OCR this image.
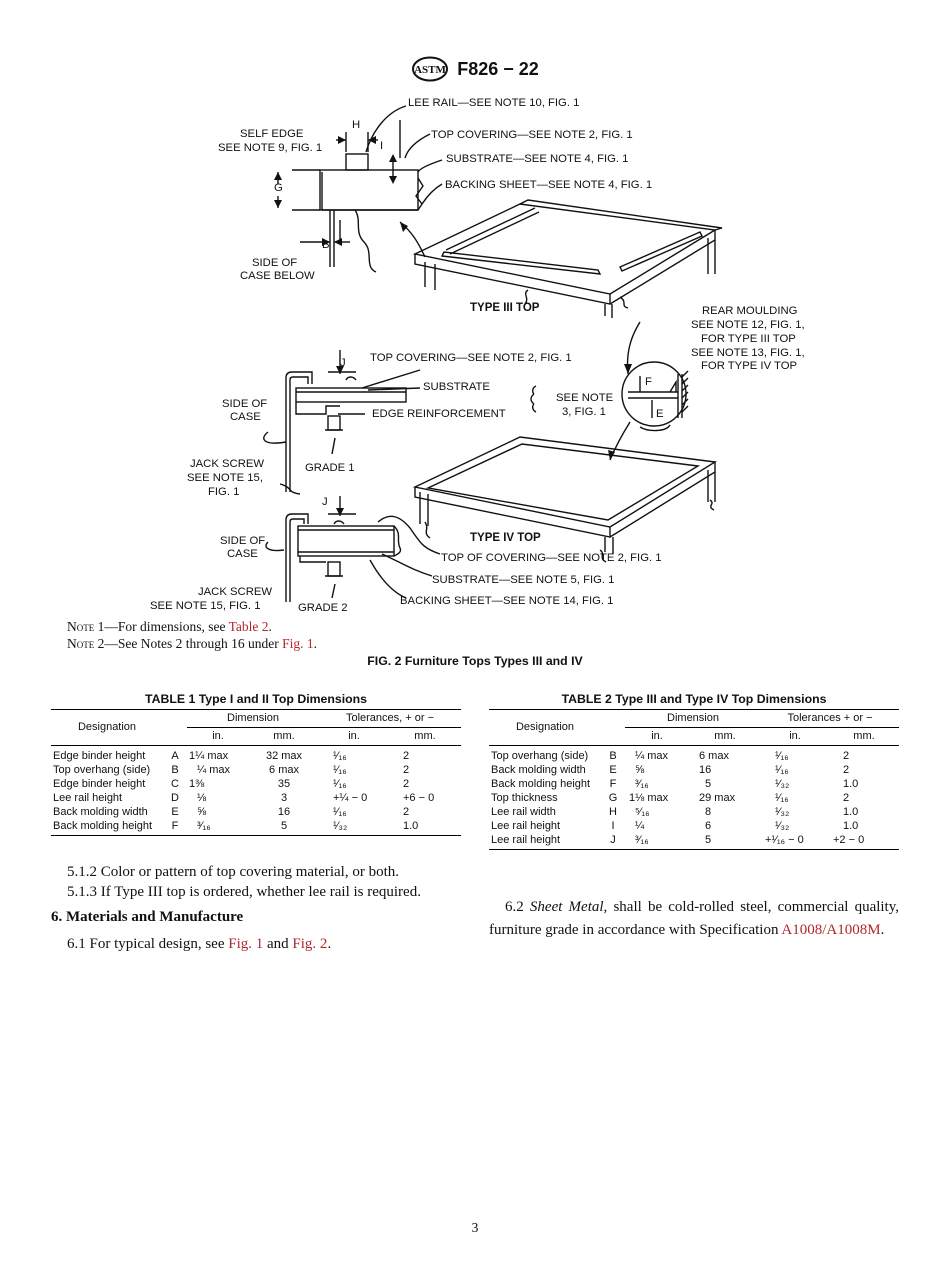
ASTM F826 − 22
LEE RAIL—SEE NOTE 10, FIG. 1
H
SELF EDGE
SEE NOTE 9, FIG. 1
TOP COVERING—SEE NOTE 2, FIG. 1
I
SUBSTRATE—SEE NOTE 4, FIG. 1
G	BACKING SHEET—SEE NOTE 4, FIG. 1
B
SIDE OF
CASE BELOW
TYPE III TOP	REAR MOULDING
SEE NOTE 12, FIG. 1,
FOR TYPE III TOP
SEE NOTE 13, FIG. 1,
FOR TYPE IV TOP
J TOP COVERING—SEE NOTE 2, FIG. 1
SUBSTRATE
SEE NOTE
3, FIG. 1
SIDE OF
CASE	EDGE REINFORCEMENT
F
E
JACK SCREW
SEE NOTE 15,
FIG. 1
GRADE 1
J
TYPE IV TOP
SIDE OF
CASE	TOP OF COVERING—SEE NOTE 2, FIG. 1
SUBSTRATE—SEE NOTE 5, FIG. 1
JACK SCREW
SEE NOTE 15, FIG. 1	GRADE 2
BACKING SHEET—SEE NOTE 14, FIG. 1
Note 1—For dimensions, see Table 2.
Note 2—See Notes 2 through 16 under Fig. 1.
FIG. 2 Furniture Tops Types III and IV
TABLE 1 Type I and II Top Dimensions
Designation		Dimension		Tolerances, + or −	
		in.	mm.	in.	mm.
Edge binder height	A	1¼ max	32 max	¹⁄₁₆	2
Top overhang (side)	B	¼ max	6 max	¹⁄₁₆	2
Edge binder height	C	1⅜	35	¹⁄₁₆	2
Lee rail height	D	⅛	3	+¼ − 0	+6 − 0
Back molding width	E	⅝	16	¹⁄₁₆	2
Back molding height	F	³⁄₁₆	5	¹⁄₃₂	1.0
TABLE 2 Type III and Type IV Top Dimensions
Designation		Dimension		Tolerances + or −	
		in.	mm.	in.	mm.
Top overhang (side)	B	¼ max	6 max	¹⁄₁₆	2
Back molding width	E	⅝	16	¹⁄₁₆	2
Back molding height	F	³⁄₁₆	5	¹⁄₃₂	1.0
Top thickness	G	1⅛ max	29 max	¹⁄₁₆	2
Lee rail width	H	⁵⁄₁₆	8	¹⁄₃₂	1.0
Lee rail height	I	¼	6	¹⁄₃₂	1.0
Lee rail height	J	³⁄₁₆	5	+¹⁄₁₆ − 0	+2 − 0
5.1.2 Color or pattern of top covering material, or both.
5.1.3 If Type III top is ordered, whether lee rail is required.
6. Materials and Manufacture
6.1 For typical design, see Fig. 1 and Fig. 2.
6.2 Sheet Metal, shall be cold-rolled steel, commercial quality, furniture grade in accordance with Specification A1008/A1008M.
3
